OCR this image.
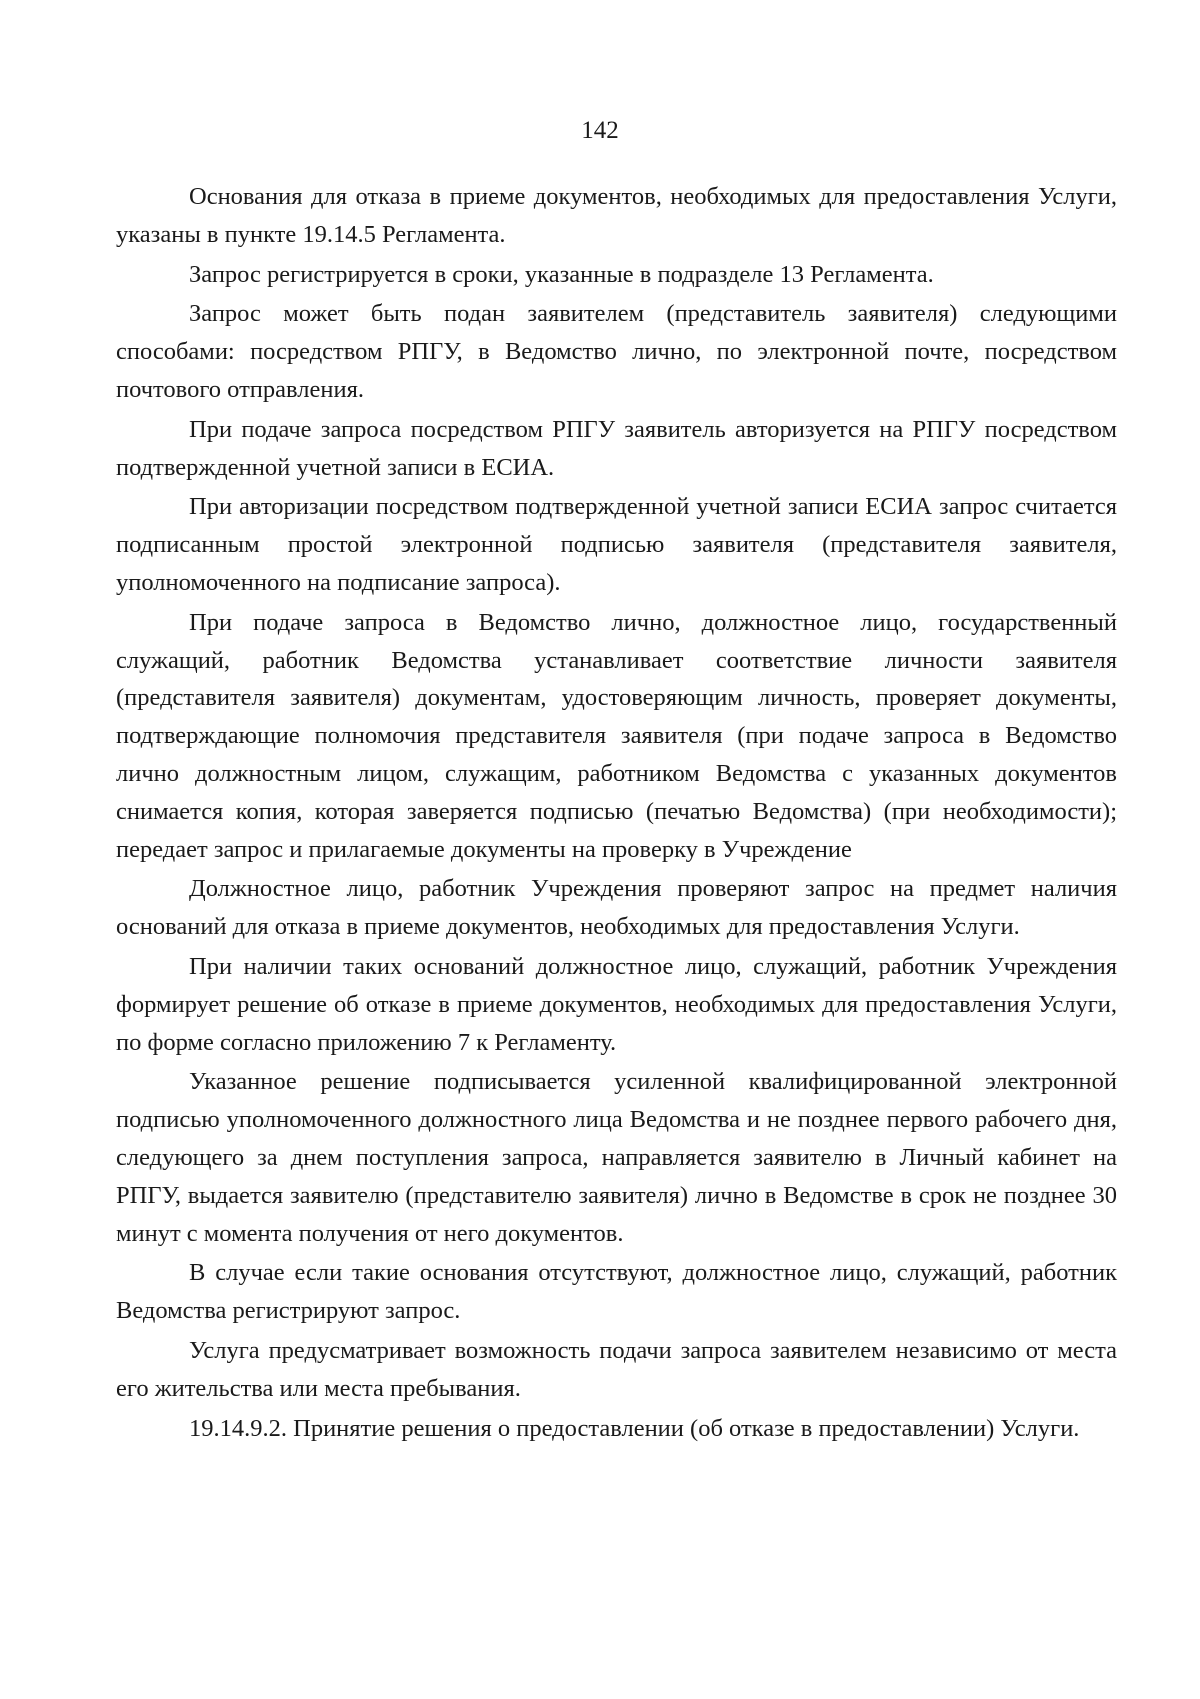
142

Основания для отказа в приеме документов, необходимых для предоставления Услуги, указаны в пункте 19.14.5 Регламента.

Запрос регистрируется в сроки, указанные в подразделе 13 Регламента.

Запрос может быть подан заявителем (представитель заявителя) следующими способами: посредством РПГУ, в Ведомство лично, по электронной почте, посредством почтового отправления.

При подаче запроса посредством РПГУ заявитель авторизуется на РПГУ посредством подтвержденной учетной записи в ЕСИА.

При авторизации посредством подтвержденной учетной записи ЕСИА запрос считается подписанным простой электронной подписью заявителя (представителя заявителя, уполномоченного на подписание запроса).

При подаче запроса в Ведомство лично, должностное лицо, государственный служащий, работник Ведомства устанавливает соответствие личности заявителя (представителя заявителя) документам, удостоверяющим личность, проверяет документы, подтверждающие полномочия представителя заявителя (при подаче запроса в Ведомство лично должностным лицом, служащим, работником Ведомства с указанных документов снимается копия, которая заверяется подписью (печатью Ведомства) (при необходимости); передает запрос и прилагаемые документы на проверку в Учреждение

Должностное лицо, работник Учреждения проверяют запрос на предмет наличия оснований для отказа в приеме документов, необходимых для предоставления Услуги.

При наличии таких оснований должностное лицо, служащий, работник Учреждения формирует решение об отказе в приеме документов, необходимых для предоставления Услуги, по форме согласно приложению 7 к Регламенту.

Указанное решение подписывается усиленной квалифицированной электронной подписью уполномоченного должностного лица Ведомства и не позднее первого рабочего дня, следующего за днем поступления запроса, направляется заявителю в Личный кабинет на РПГУ, выдается заявителю (представителю заявителя) лично в Ведомстве в срок не позднее 30 минут с момента получения от него документов.

В случае если такие основания отсутствуют, должностное лицо, служащий, работник Ведомства регистрируют запрос.

Услуга предусматривает возможность подачи запроса заявителем независимо от места его жительства или места пребывания.

19.14.9.2. Принятие решения о предоставлении (об отказе в предоставлении) Услуги.
